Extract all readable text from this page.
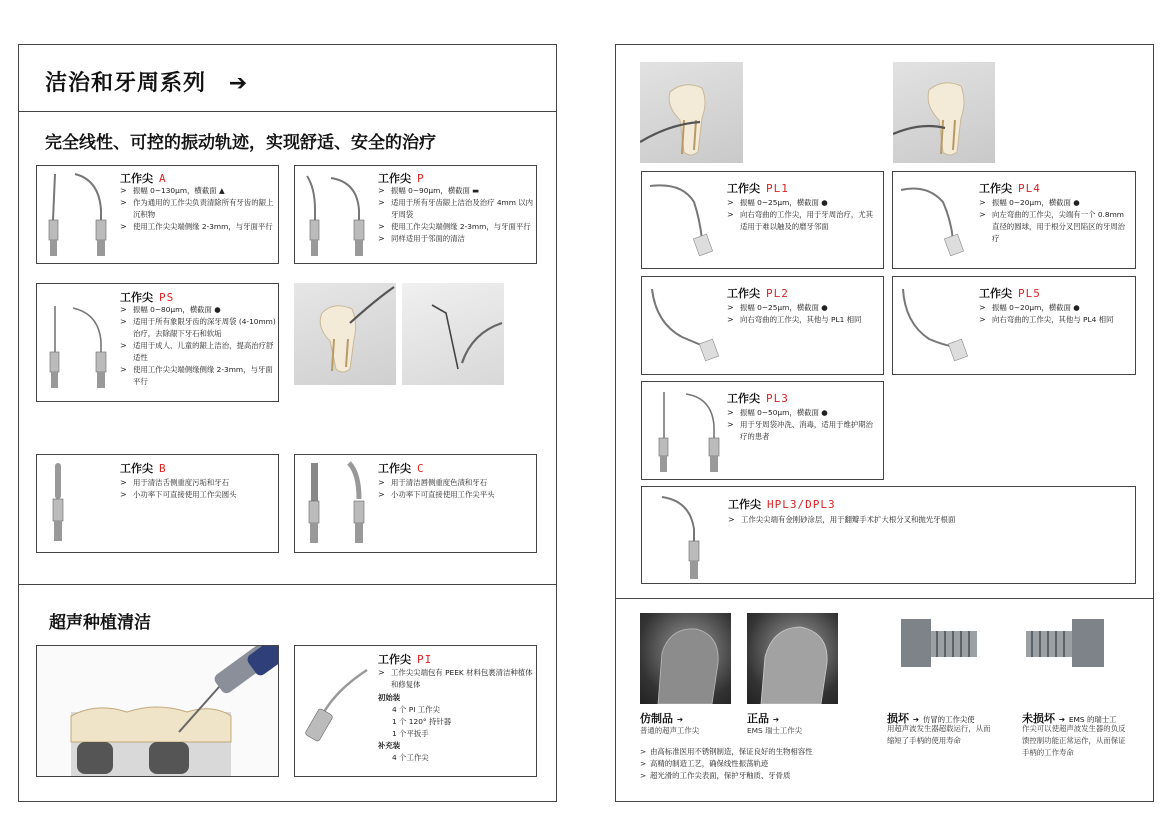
洁治和牙周系列 ➔
完全线性、可控的振动轨迹，实现舒适、安全的治疗
工作尖 A
> 振幅 0~130μm，横截面 ▲
> 作为通用的工作尖负责清除所有牙齿的龈上沉积物
> 使用工作尖尖端侧缘 2-3mm，与牙面平行
工作尖 P
> 振幅 0~90μm，横截面 ▬
> 适用于所有牙齿龈上洁治及治疗 4mm 以内牙周袋
> 使用工作尖尖端侧缘 2-3mm，与牙面平行
> 同样适用于邻面的清洁
工作尖 PS
> 振幅 0~80μm，横截面 ●
> 适用于所有象限牙齿的深牙周袋 (4-10mm) 治疗，去除龈下牙石和软垢
> 适用于成人、儿童的龈上洁治，提高治疗舒适性
> 使用工作尖尖端侧缘侧缘 2-3mm，与牙面平行
工作尖 B
> 用于清洁舌侧重度污垢和牙石
> 小功率下可直接使用工作尖圆头
工作尖 C
> 用于清洁唇侧重度色渍和牙石
> 小功率下可直接使用工作尖平头
超声种植清洁
工作尖 PI
> 工作尖尖端包有 PEEK 材料包裹清洁种植体和修复体
初始装
4 个 PI 工作尖
1 个 120° 持针器
1 个平扳手
补充装
4 个工作尖
工作尖 PL1
> 振幅 0~25μm，横截面 ●
> 向右弯曲的工作尖，用于牙周治疗，尤其适用于难以触及的磨牙邻面
工作尖 PL4
> 振幅 0~20μm，横截面 ●
> 向左弯曲的工作尖，尖端有一个 0.8mm 直径的圆球，用于根分叉凹陷区的牙周治疗
工作尖 PL2
> 振幅 0~25μm，横截面 ●
> 向右弯曲的工作尖，其他与 PL1 相同
工作尖 PL5
> 振幅 0~20μm，横截面 ●
> 向右弯曲的工作尖，其他与 PL4 相同
工作尖 PL3
> 振幅 0~50μm，横截面 ●
> 用于牙周袋冲洗、消毒，适用于维护期治疗的患者
工作尖 HPL3/DPL3
> 工作尖尖端有金刚砂涂层，用于翻瓣手术扩大根分叉和抛光牙根面
仿制品 ➔
普通的超声工作尖
正品 ➔
EMS 瑞士工作尖
损坏 ➔ 仿冒的工作尖使
用超声波发生器超载运行，从而缩短了手柄的使用寿命
未损坏 ➔ EMS 的瑞士工
作尖可以使超声波发生器的负反馈控制功能正常运作，从而保证手柄的工作寿命
> 由高标准医用不锈钢制造，保证良好的生物相容性
> 高精的制造工艺，确保线性振荡轨迹
> 超光滑的工作尖表面，保护牙釉质、牙骨质
